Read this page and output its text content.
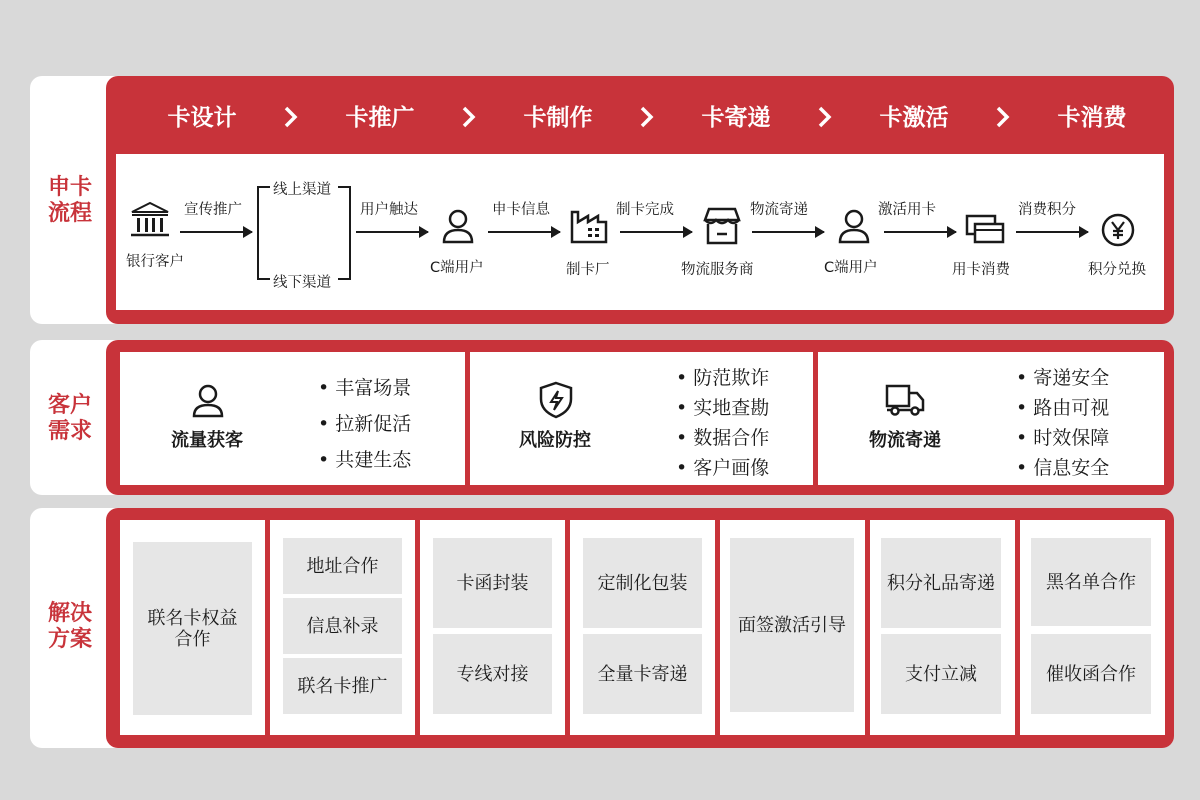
申卡
流程
卡设计	卡推广	卡制作	卡寄递	卡激活	卡消费
银行客户
宣传推广
线上渠道
线下渠道
用户触达
C端用户
申卡信息
制卡厂
制卡完成
物流服务商
物流寄递
C端用户
激活用卡
用卡消费
消费积分
积分兑换
客户
需求	流量获客
• 丰富场景
• 拉新促活
• 共建生态
风险防控
• 防范欺诈
• 实地查勘
• 数据合作
• 客户画像
物流寄递
• 寄递安全
• 路由可视
• 时效保障
• 信息安全
解决
方案
联名卡权益
合作
地址合作
信息补录
联名卡推广
卡函封装
专线对接
定制化包装
全量卡寄递
面签激活引导
积分礼品寄递
支付立减
黑名单合作
催收函合作
